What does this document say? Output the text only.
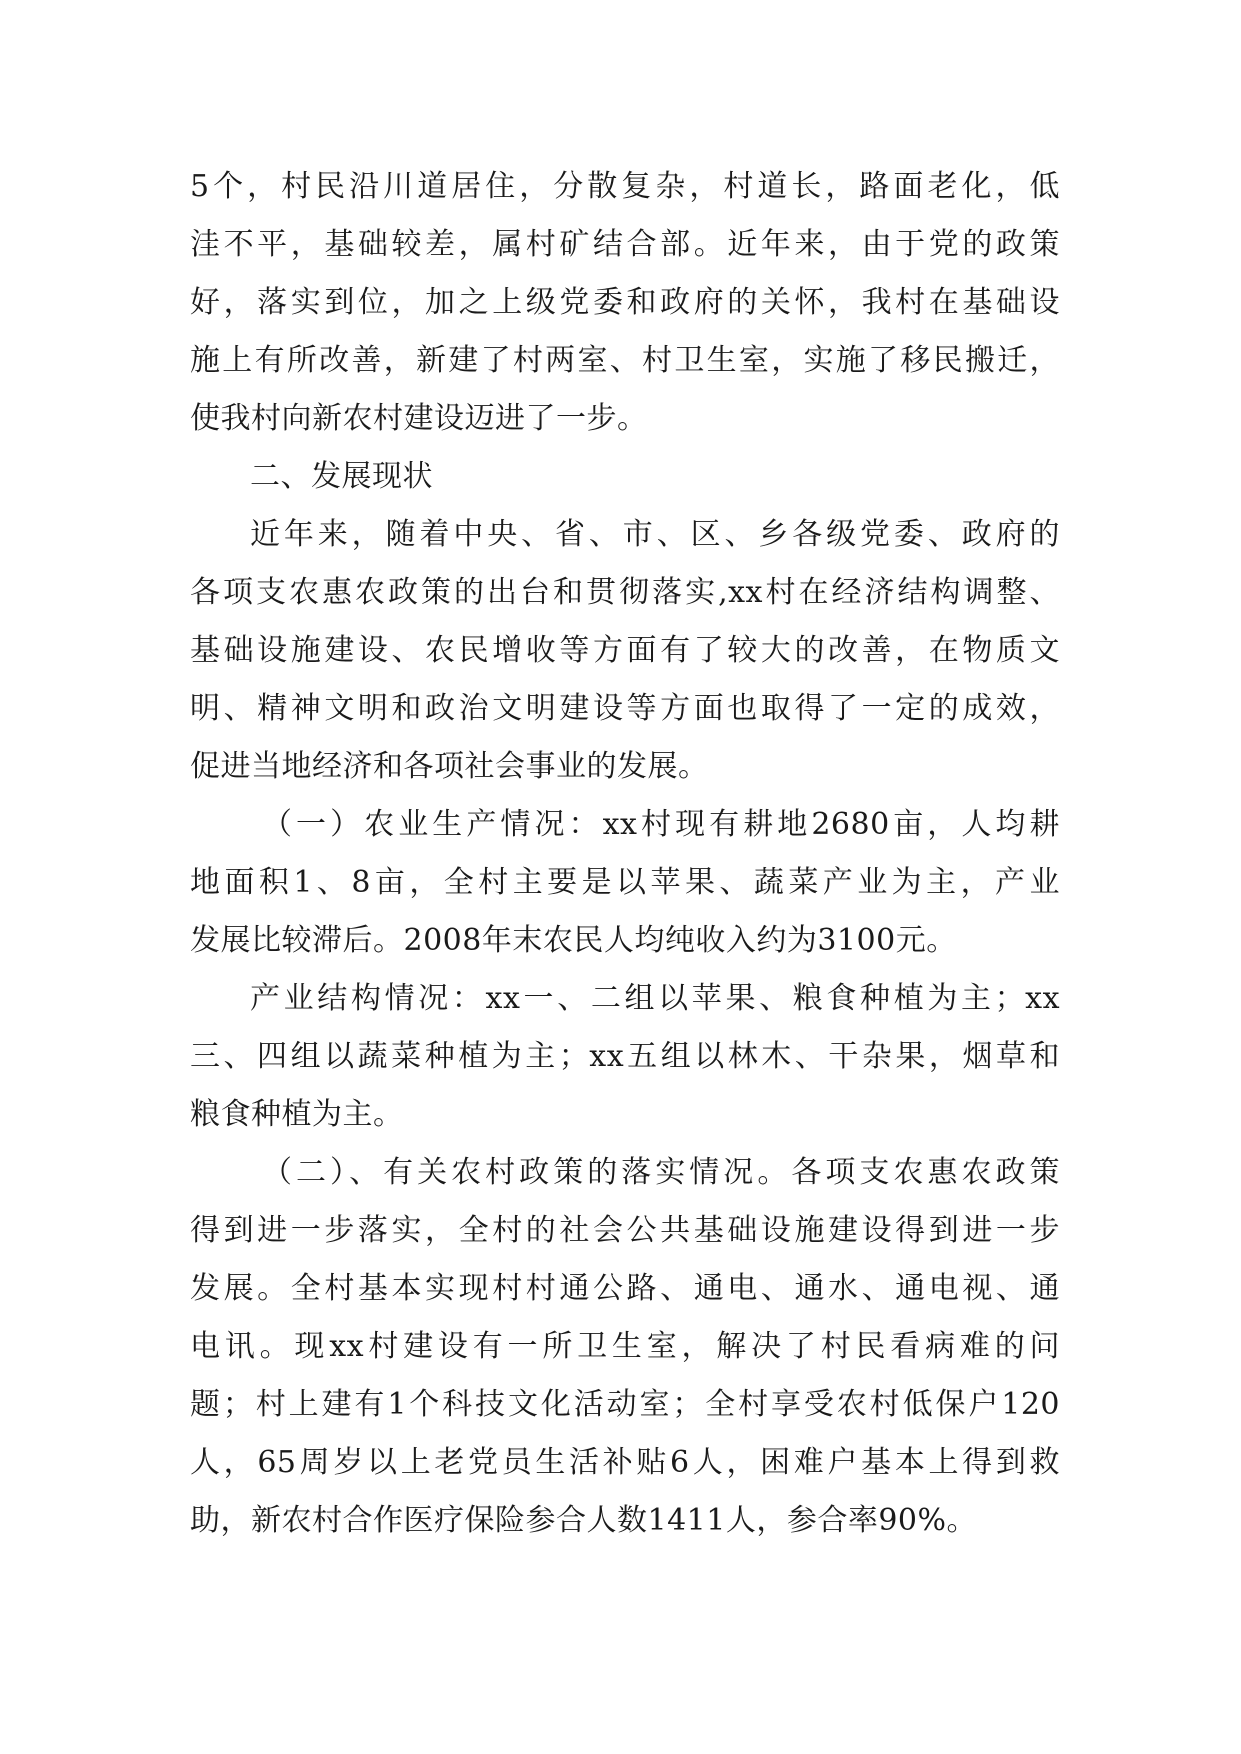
5个，村民沿川道居住，分散复杂，村道长，路面老化，低
洼不平，基础较差，属村矿结合部。近年来，由于党的政策
好，落实到位，加之上级党委和政府的关怀，我村在基础设
施上有所改善，新建了村两室、村卫生室，实施了移民搬迁，
使我村向新农村建设迈进了一步。
二、发展现状
近年来，随着中央、省、市、区、乡各级党委、政府的
各项支农惠农政策的出台和贯彻落实,xx村在经济结构调整、
基础设施建设、农民增收等方面有了较大的改善，在物质文
明、精神文明和政治文明建设等方面也取得了一定的成效，
促进当地经济和各项社会事业的发展。
（一）农业生产情况：xx村现有耕地2680亩，人均耕
地面积1、8亩，全村主要是以苹果、蔬菜产业为主，产业
发展比较滞后。2008年末农民人均纯收入约为3100元。
产业结构情况：xx一、二组以苹果、粮食种植为主；xx
三、四组以蔬菜种植为主；xx五组以林木、干杂果，烟草和
粮食种植为主。
（二）、有关农村政策的落实情况。各项支农惠农政策
得到进一步落实，全村的社会公共基础设施建设得到进一步
发展。全村基本实现村村通公路、通电、通水、通电视、通
电讯。现xx村建设有一所卫生室，解决了村民看病难的问
题；村上建有1个科技文化活动室；全村享受农村低保户120
人，65周岁以上老党员生活补贴6人，困难户基本上得到救
助，新农村合作医疗保险参合人数1411人，参合率90%。
